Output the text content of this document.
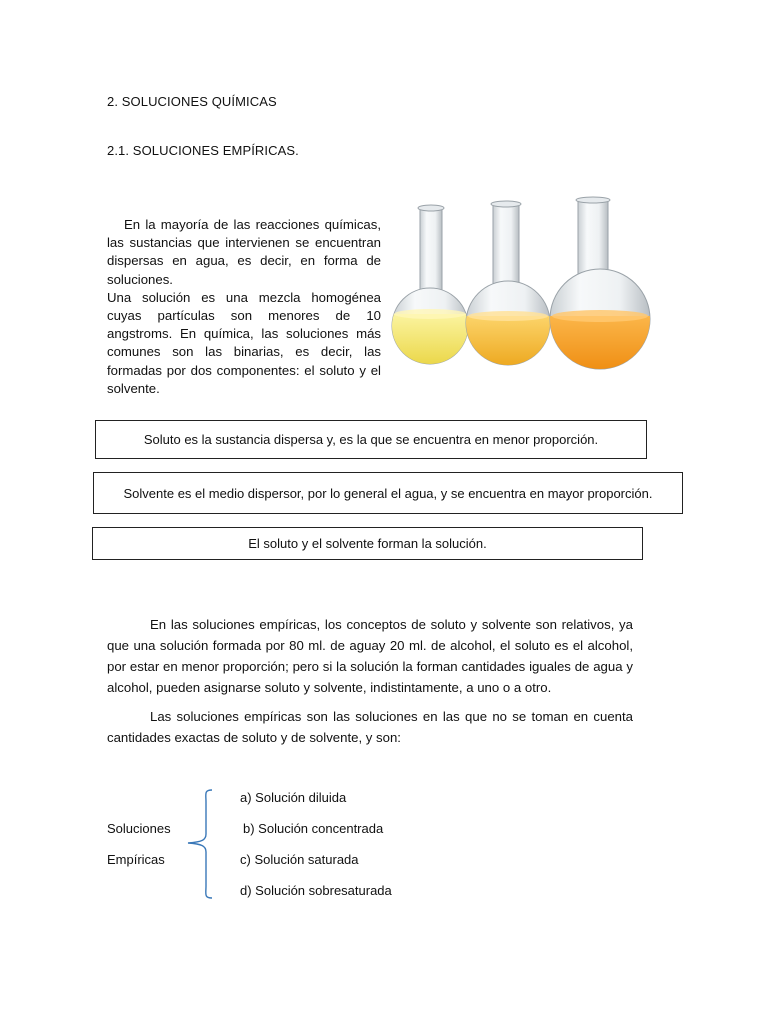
2. SOLUCIONES QUÍMICAS
2.1. SOLUCIONES EMPÍRICAS.

En la mayoría de las reacciones químicas, las sustancias que intervienen se encuentran dispersas en agua, es decir, en forma de soluciones.

Una solución es una mezcla homogénea cuyas partículas son menores de 10 angstroms. En química, las soluciones más comunes son las binarias, es decir, las formadas por dos componentes: el soluto y el solvente.

Soluto es la sustancia dispersa y, es la que se encuentra en menor proporción.
Solvente es el medio dispersor, por lo general el agua, y se encuentra en mayor proporción.
El soluto y el solvente forman la solución.

En las soluciones empíricas, los conceptos de soluto y solvente son relativos, ya que una solución formada por 80 ml. de aguay 20 ml. de alcohol, el soluto es el alcohol, por estar en menor proporción; pero si la solución la forman cantidades iguales de agua y alcohol, pueden asignarse soluto y solvente, indistintamente, a uno o a otro.

Las soluciones empíricas son las soluciones en las que no se toman en cuenta cantidades exactas de soluto y de solvente, y son:

Soluciones
Empíricas
a) Solución diluida
b) Solución concentrada
c) Solución saturada
d) Solución sobresaturada
